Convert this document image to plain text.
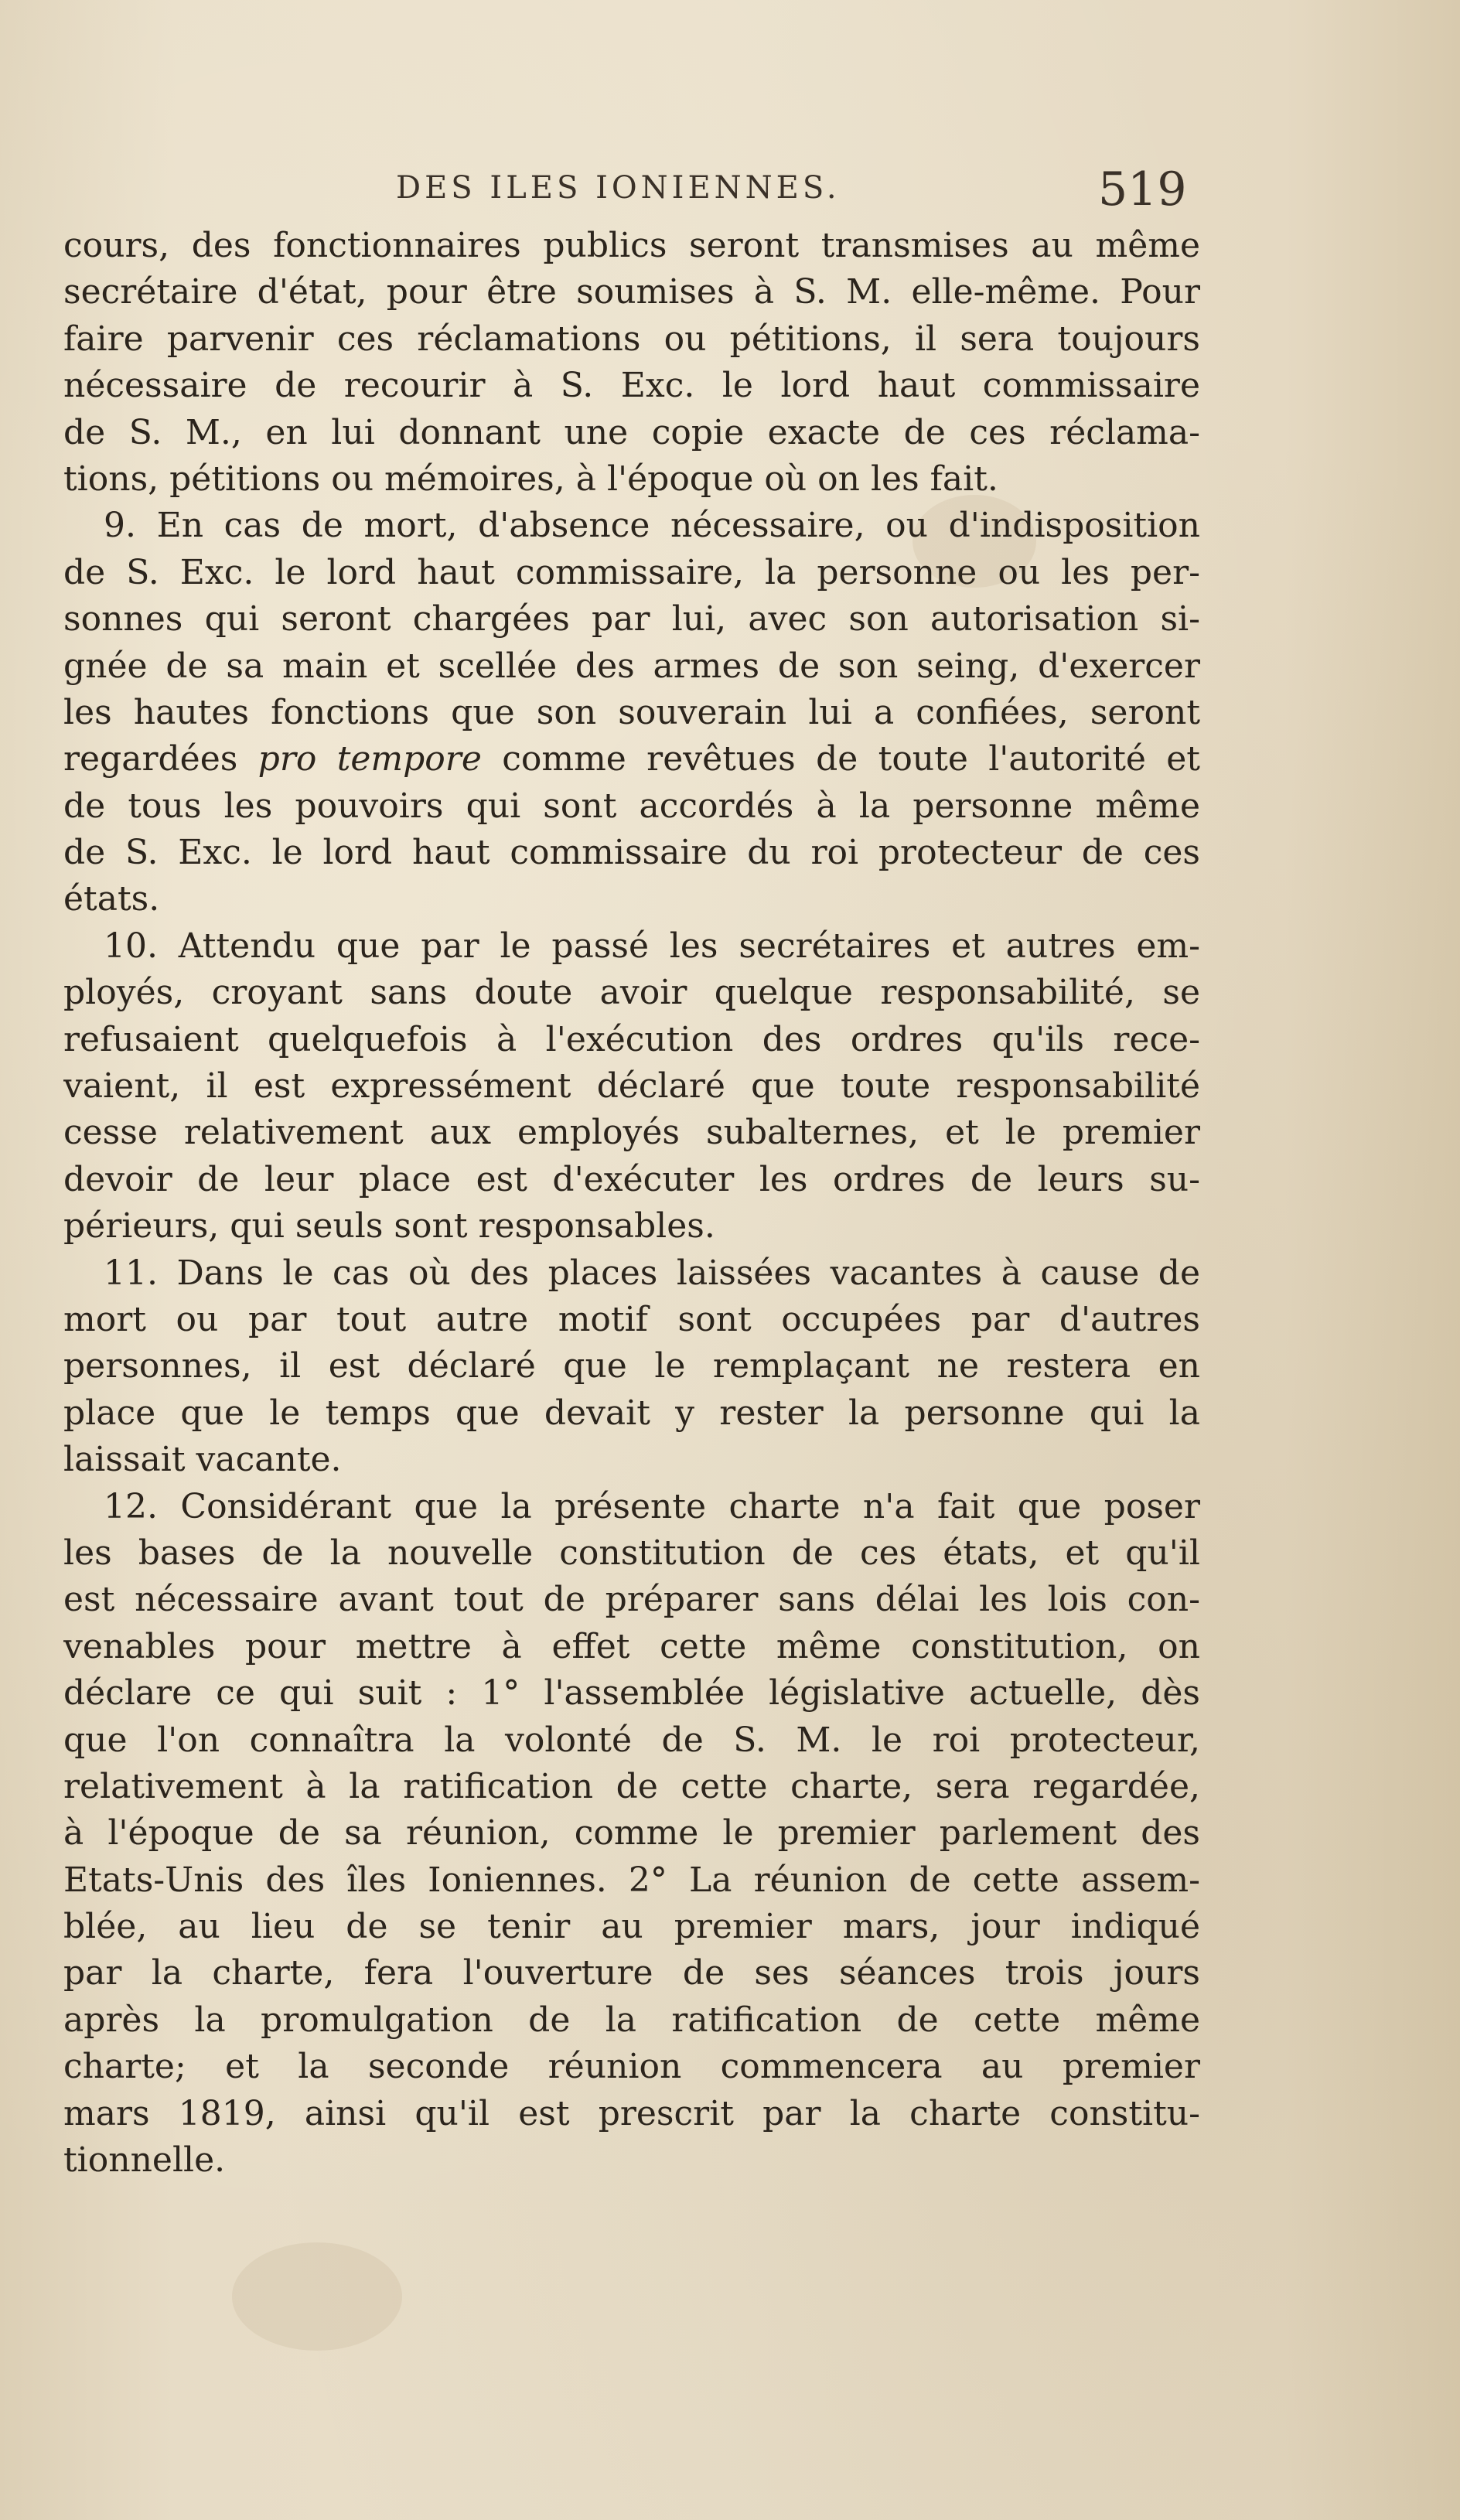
DES ILES IONIENNES.	519
cours, des fonctionnaires publics seront transmises au même
secrétaire d'état, pour être soumises à S. M. elle-même. Pour
faire parvenir ces réclamations ou pétitions, il sera toujours
nécessaire de recourir à S. Exc. le lord haut commissaire
de S. M., en lui donnant une copie exacte de ces réclama-
tions, pétitions ou mémoires, à l'époque où on les fait.
9. En cas de mort, d'absence nécessaire, ou d'indisposition
de S. Exc. le lord haut commissaire, la personne ou les per-
sonnes qui seront chargées par lui, avec son autorisation si-
gnée de sa main et scellée des armes de son seing, d'exercer
les hautes fonctions que son souverain lui a confiées, seront
regardées pro tempore comme revêtues de toute l'autorité et
de tous les pouvoirs qui sont accordés à la personne même
de S. Exc. le lord haut commissaire du roi protecteur de ces
états.
10. Attendu que par le passé les secrétaires et autres em-
ployés, croyant sans doute avoir quelque responsabilité, se
refusaient quelquefois à l'exécution des ordres qu'ils rece-
vaient, il est expressément déclaré que toute responsabilité
cesse relativement aux employés subalternes, et le premier
devoir de leur place est d'exécuter les ordres de leurs su-
périeurs, qui seuls sont responsables.
11. Dans le cas où des places laissées vacantes à cause de
mort ou par tout autre motif sont occupées par d'autres
personnes, il est déclaré que le remplaçant ne restera en
place que le temps que devait y rester la personne qui la
laissait vacante.
12. Considérant que la présente charte n'a fait que poser
les bases de la nouvelle constitution de ces états, et qu'il
est nécessaire avant tout de préparer sans délai les lois con-
venables pour mettre à effet cette même constitution, on
déclare ce qui suit : 1° l'assemblée législative actuelle, dès
que l'on connaîtra la volonté de S. M. le roi protecteur,
relativement à la ratification de cette charte, sera regardée,
à l'époque de sa réunion, comme le premier parlement des
Etats-Unis des îles Ioniennes. 2° La réunion de cette assem-
blée, au lieu de se tenir au premier mars, jour indiqué
par la charte, fera l'ouverture de ses séances trois jours
après la promulgation de la ratification de cette même
charte; et la seconde réunion commencera au premier
mars 1819, ainsi qu'il est prescrit par la charte constitu-
tionnelle.
